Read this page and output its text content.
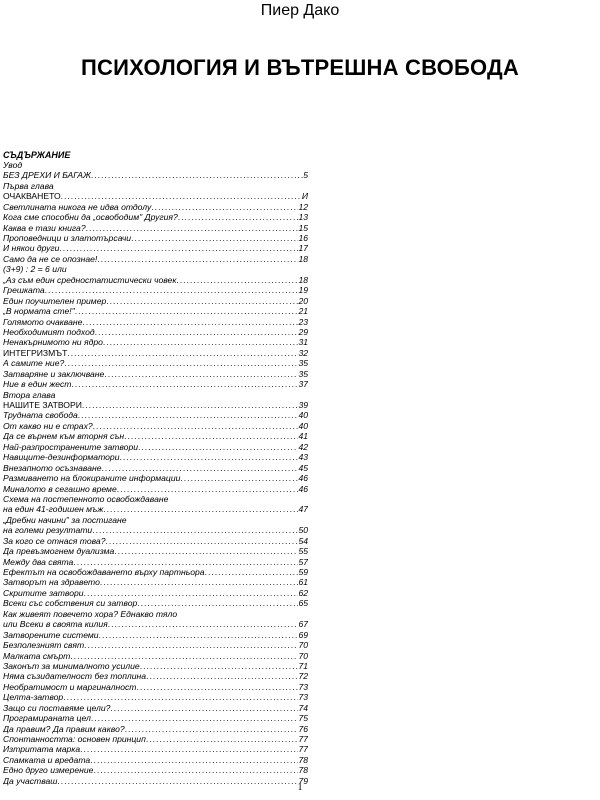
Пиер Дако
ПСИХОЛОГИЯ И ВЪТРЕШНА СВОБОДА
СЪДЪРЖАНИЕ
Увод
БЕЗ ДРЕХИ И БАГАЖ .....	5
Първа глава
ОЧАКВАНЕТО .....	И
Светлината никога не идва отдолу .....	12
Кога сме способни да „освободим" Другия? .....	13
Каква е тази книга? .....	15
Проповедници и златотърсачи .....	16
И някои други .....	17
Само да не се опознае! .....	18
(3+9) : 2 = 6 или
„Аз съм един средностатистически човек .....	18
Грешката .....	19
Един поучителен пример .....	20
„В нормата сте!" .....	21
Голямото очакване .....	23
Необходимият подход .....	29
Ненакърнимото ни ядро .....	31
ИНТЕГРИЗМЪТ .....	32
А самите ние? .....	35
Затваряне и заключване .....	35
Ние в един жест .....	37
Втора глава
НАШИТЕ ЗАТВОРИ .....	39
Трудната свобода .....	40
От какво ни е страх? .....	40
Да се върнем към вторня сън .....	41
Най-разпространените затвори .....	42
Навиците-дезинформатори .....	43
Внезапното осъзнаване .....	45
Размиването на блокираните информации .....	46
Миналото в сегашно време .....	46
Схема на постепенното освобождаване
на един 41-годишен мъж .....	47
„Дребни начини" за постигане
на големи резултати .....	50
За кого се отнася това? .....	54
Да превъзмогнем дуализма .....	55
Между два свята .....	57
Ефектът на освобождаването върху партньора .....	59
Затворът на здравето .....	61
Скритите затвори .....	62
Всеки със собствения си затвор .....	65
Как живеят повечето хора? Еднакво тяло
или Всеки в своята килия .....	67
Затворените системи .....	69
Безполезният свят .....	70
Малката смърт .....	70
Законът за минималното усилие .....	71
Няма съзидателност без топлина .....	72
Необратимост и маргиналност .....	73
Целта-затвор .....	73
Защо си поставяме цели? .....	74
Програмираната цел .....	75
Да правим? Да правим какво? .....	76
Спонтанността: основен принцип .....	77
Изтритата марка .....	77
Спамката и вредата .....	78
Едно друго измерение .....	78
Да участваш .....	79
1
